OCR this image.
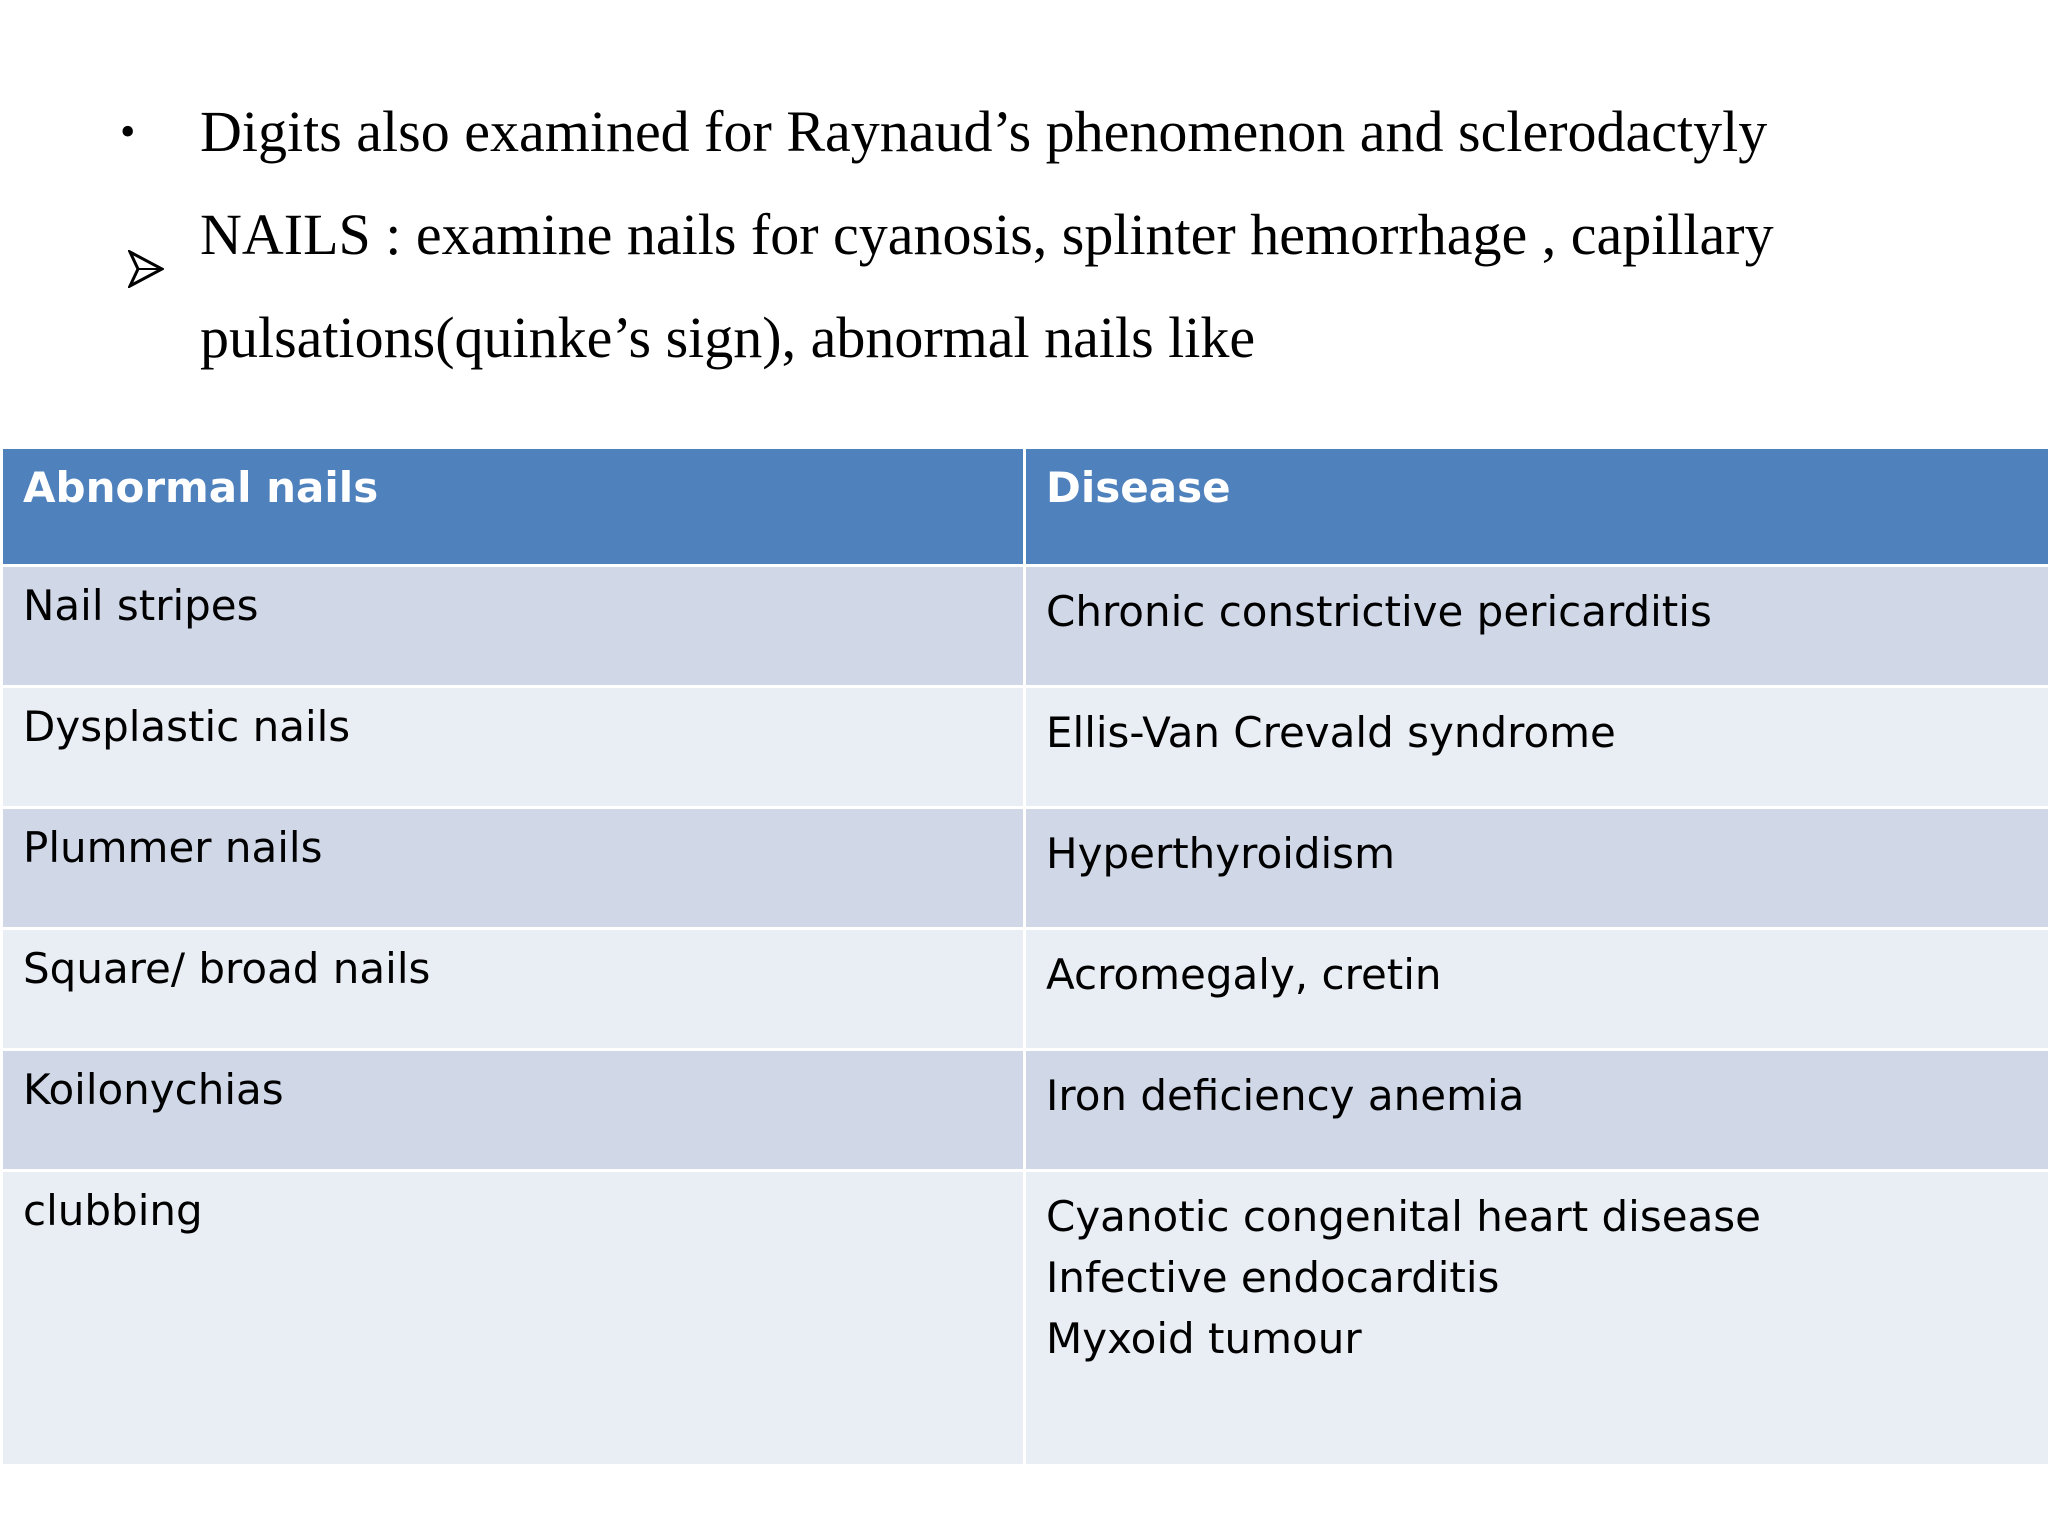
•	Digits also examined for Raynaud’s phenomenon and sclerodactyly
NAILS : examine nails for cyanosis, splinter hemorrhage , capillary
pulsations(quinke’s sign), abnormal nails like
Abnormal nails	Disease
Nail stripes	Chronic constrictive pericarditis

Dysplastic nails	Ellis-Van Crevald syndrome

Plummer nails	Hyperthyroidism

Square/ broad nails	Acromegaly, cretin

Koilonychias	Iron deficiency anemia

clubbing	Cyanotic congenital heart disease
Infective endocarditis
Myxoid tumour
